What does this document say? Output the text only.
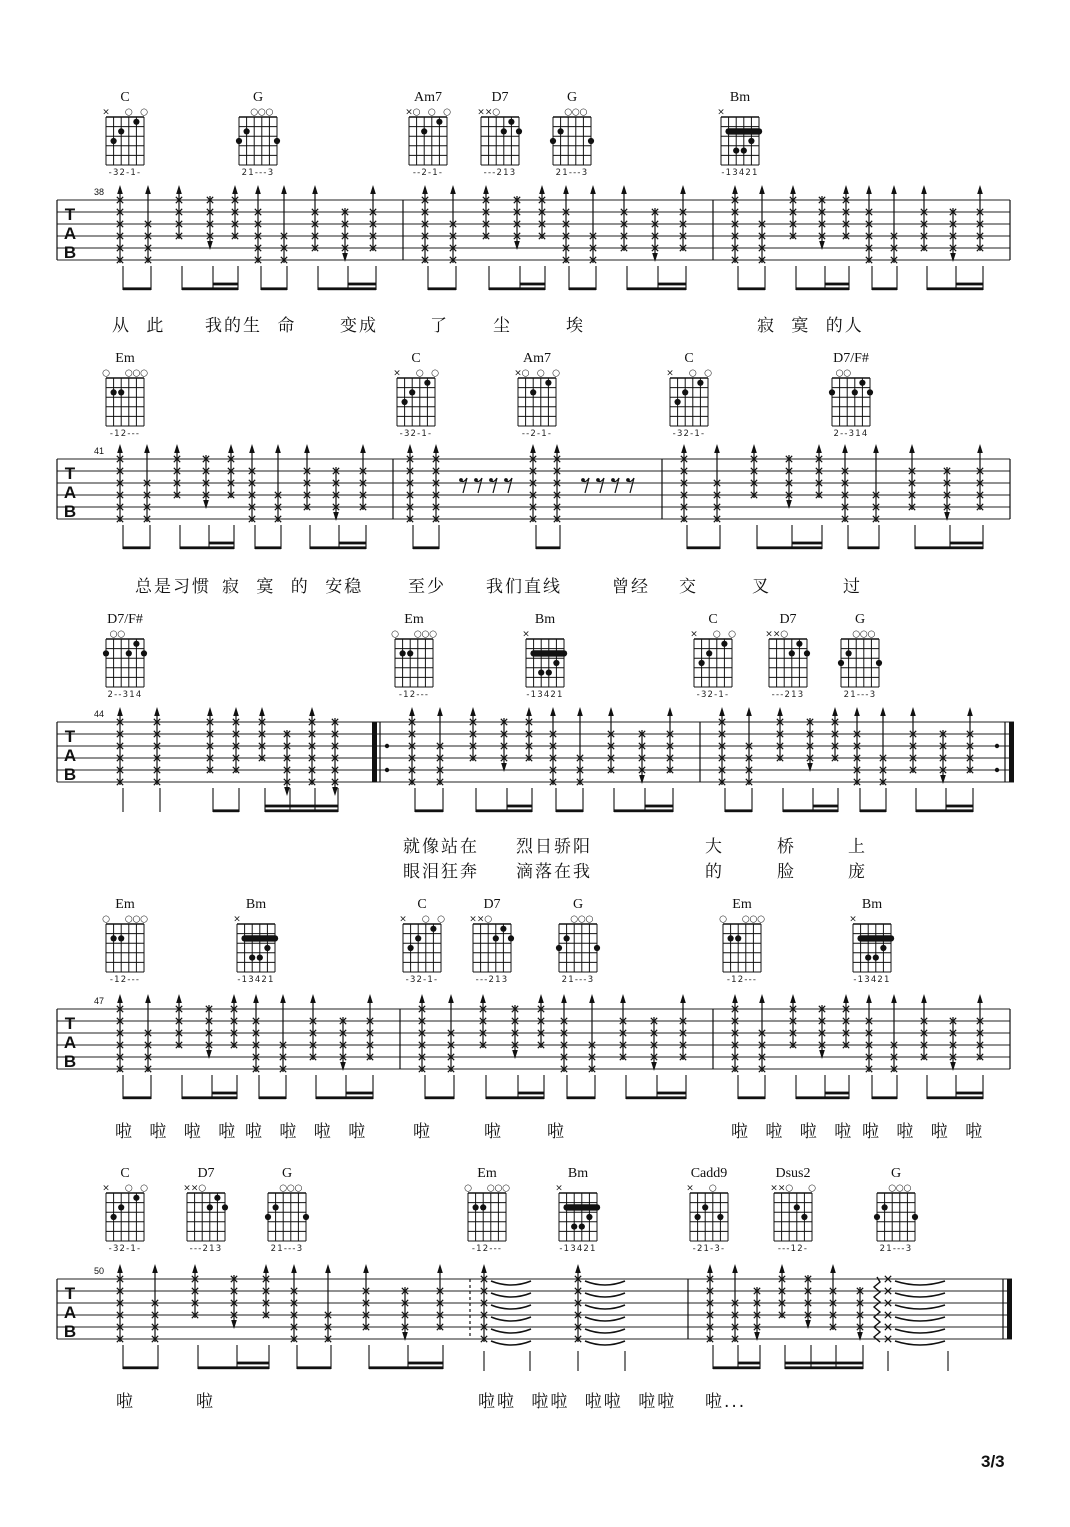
C
× ○ ○
-32-1-
G
○ ○ ○
21---3
Am7
× ○ ○ ○
--2-1-
D7
× × ○
---213
G
○ ○ ○
21---3
Bm
×
-13421
T
A
B
38
从 此 我的生 命	变成	了	尘	埃	寂 寞 的人
Em
○ ○ ○ ○
-12---
C
× ○ ○
-32-1-
Am7
× ○ ○ ○
--2-1-
C
× ○ ○
-32-1-
D7/F#
○ ○
2--314
T
A
B
41
总是习惯 寂 寞 的 安稳	至少 我们直线	曾经 交	叉	过
D7/F#
○ ○
2--314
Em
○ ○ ○ ○
-12---
Bm
×
-13421
C
× ○ ○
-32-1-
D7
× × ○
---213
G
○ ○ ○
21---3
T
A
B
44
就像站在 烈日骄阳	大	桥	上
眼泪狂奔 滴落在我	的	脸	庞
Em
○ ○ ○ ○
-12---
Bm
×
-13421
C
× ○ ○
-32-1-
D7
× × ○
---213
G
○ ○ ○
21---3
Em
○ ○ ○ ○
-12---
Bm
×
-13421
T
A
B
47
啦 啦 啦 啦 啦 啦 啦 啦	啦	啦	啦	啦 啦 啦 啦 啦 啦 啦 啦
C
× ○ ○
-32-1-
D7
× × ○
---213
G
○ ○ ○
21---3
Em
○ ○ ○ ○
-12---
Bm
×
-13421
Cadd9
× ○
-21-3-
Dsus2
× × ○ ○
---12-
G
○ ○ ○
21---3
T
A
B
50
啦	啦	啦啦 啦啦 啦啦 啦啦 啦...
3/3
